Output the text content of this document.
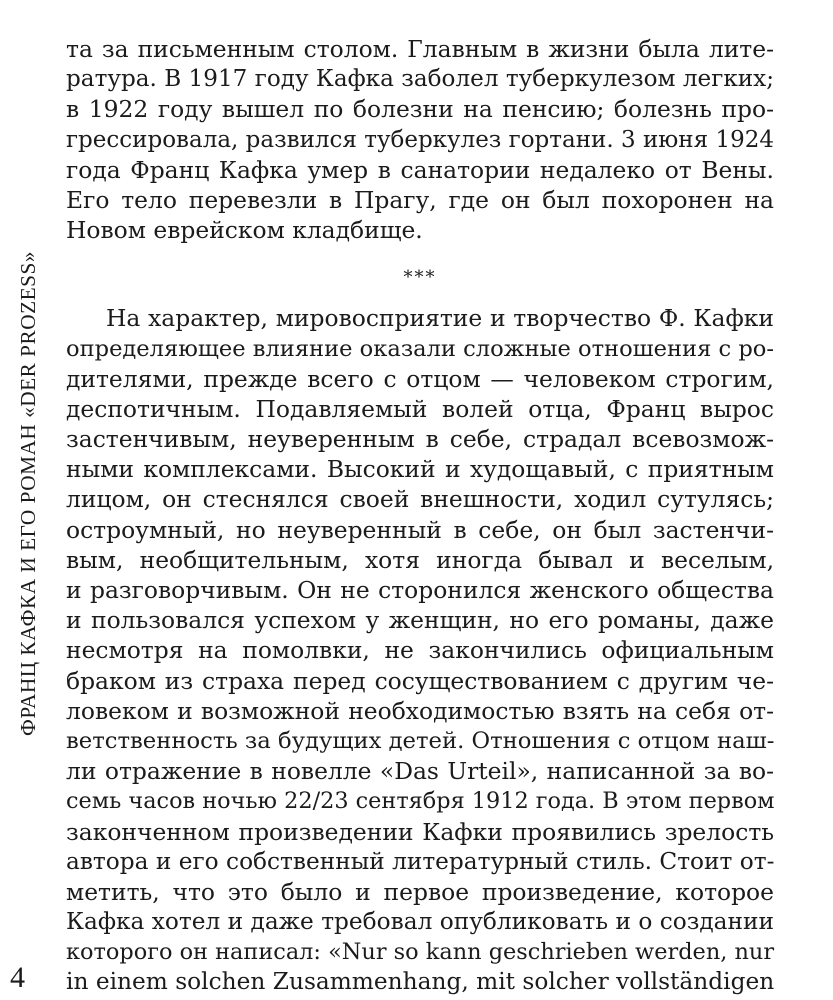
ФРАНЦ КАФКА И ЕГО РОМАН «DER PROZESS»
та за письменным столом. Главным в жизни была лите-
ратура. В 1917 году Кафка заболел туберкулезом легких;
в 1922 году вышел по болезни на пенсию; болезнь про-
грессировала, развился туберкулез гортани. 3 июня 1924
года Франц Кафка умер в санатории недалеко от Вены.
Его тело перевезли в Прагу, где он был похоронен на
Новом еврейском кладбище.
***
На характер, мировосприятие и творчество Ф. Кафки
определяющее влияние оказали сложные отношения с ро-
дителями, прежде всего с отцом — человеком строгим,
деспотичным. Подавляемый волей отца, Франц вырос
застенчивым, неуверенным в себе, страдал всевозмож-
ными комплексами. Высокий и худощавый, с приятным
лицом, он стеснялся своей внешности, ходил сутулясь;
остроумный, но неуверенный в себе, он был застенчи-
вым, необщительным, хотя иногда бывал и веселым,
и разговорчивым. Он не сторонился женского общества
и пользовался успехом у женщин, но его романы, даже
несмотря на помолвки, не закончились официальным
браком из страха перед сосуществованием с другим че-
ловеком и возможной необходимостью взять на себя от-
ветственность за будущих детей. Отношения с отцом наш-
ли отражение в новелле «Das Urteil», написанной за во-
семь часов ночью 22/23 сентября 1912 года. В этом первом
законченном произведении Кафки проявились зрелость
автора и его собственный литературный стиль. Стоит от-
метить, что это было и первое произведение, которое
Кафка хотел и даже требовал опубликовать и о создании
которого он написал: «Nur so kann geschrieben werden, nur
in einem solchen Zusammenhang, mit solcher vollständigen
4
